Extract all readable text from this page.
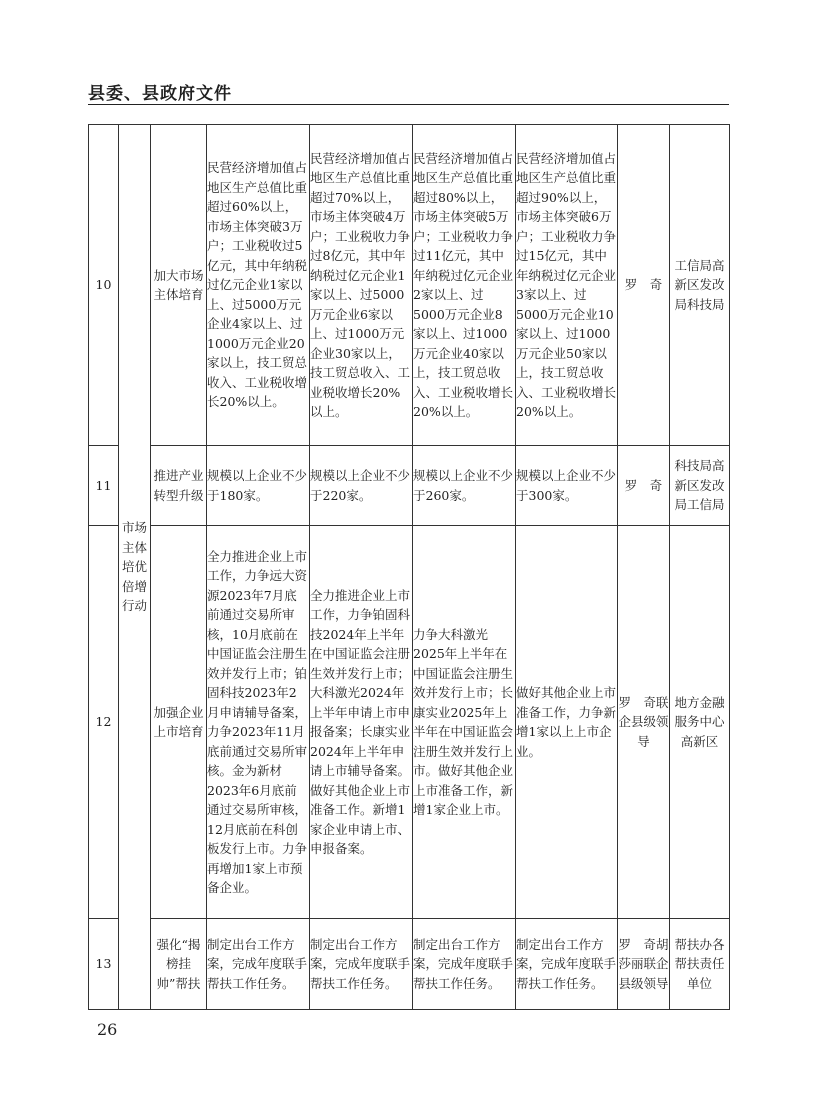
县委、县政府文件
10	市场主体培优倍增行动	加大市场主体培育	民营经济增加值占地区生产总值比重超过60%以上，市场主体突破3万户；工业税收过5亿元，其中年纳税过亿元企业1家以上、过5000万元企业4家以上、过1000万元企业20家以上，技工贸总收入、工业税收增长20%以上。	民营经济增加值占地区生产总值比重超过70%以上，市场主体突破4万户；工业税收力争过8亿元，其中年纳税过亿元企业1家以上、过5000万元企业6家以上、过1000万元企业30家以上，技工贸总收入、工业税收增长20%以上。	民营经济增加值占地区生产总值比重超过80%以上，市场主体突破5万户；工业税收力争过11亿元，其中年纳税过亿元企业2家以上、过5000万元企业8家以上、过1000万元企业40家以上，技工贸总收入、工业税收增长20%以上。	民营经济增加值占地区生产总值比重超过90%以上，市场主体突破6万户；工业税收力争过15亿元，其中年纳税过亿元企业3家以上、过5000万元企业10家以上、过1000万元企业50家以上，技工贸总收入、工业税收增长20%以上。	罗　奇	工信局高新区发改局科技局
11		推进产业转型升级	规模以上企业不少于180家。	规模以上企业不少于220家。	规模以上企业不少于260家。	规模以上企业不少于300家。	罗　奇	科技局高新区发改局工信局
12		加强企业上市培育	全力推进企业上市工作，力争远大资源2023年7月底前通过交易所审核，10月底前在中国证监会注册生效并发行上市；铂固科技2023年2月申请辅导备案，力争2023年11月底前通过交易所审核。金为新材2023年6月底前通过交易所审核，12月底前在科创板发行上市。力争再增加1家上市预备企业。	全力推进企业上市工作，力争铂固科技2024年上半年在中国证监会注册生效并发行上市；大科激光2024年上半年申请上市申报备案；长康实业2024年上半年申请上市辅导备案。做好其他企业上市准备工作。新增1家企业申请上市、申报备案。	力争大科激光2025年上半年在中国证监会注册生效并发行上市；长康实业2025年上半年在中国证监会注册生效并发行上市。做好其他企业上市准备工作，新增1家企业上市。	做好其他企业上市准备工作，力争新增1家以上上市企业。	罗　奇联企县级领导	地方金融服务中心高新区
13		强化“揭榜挂帅”帮扶	制定出台工作方案，完成年度联手帮扶工作任务。	制定出台工作方案，完成年度联手帮扶工作任务。	制定出台工作方案，完成年度联手帮扶工作任务。	制定出台工作方案，完成年度联手帮扶工作任务。	罗　奇胡莎丽联企县级领导	帮扶办各帮扶责任单位
26
